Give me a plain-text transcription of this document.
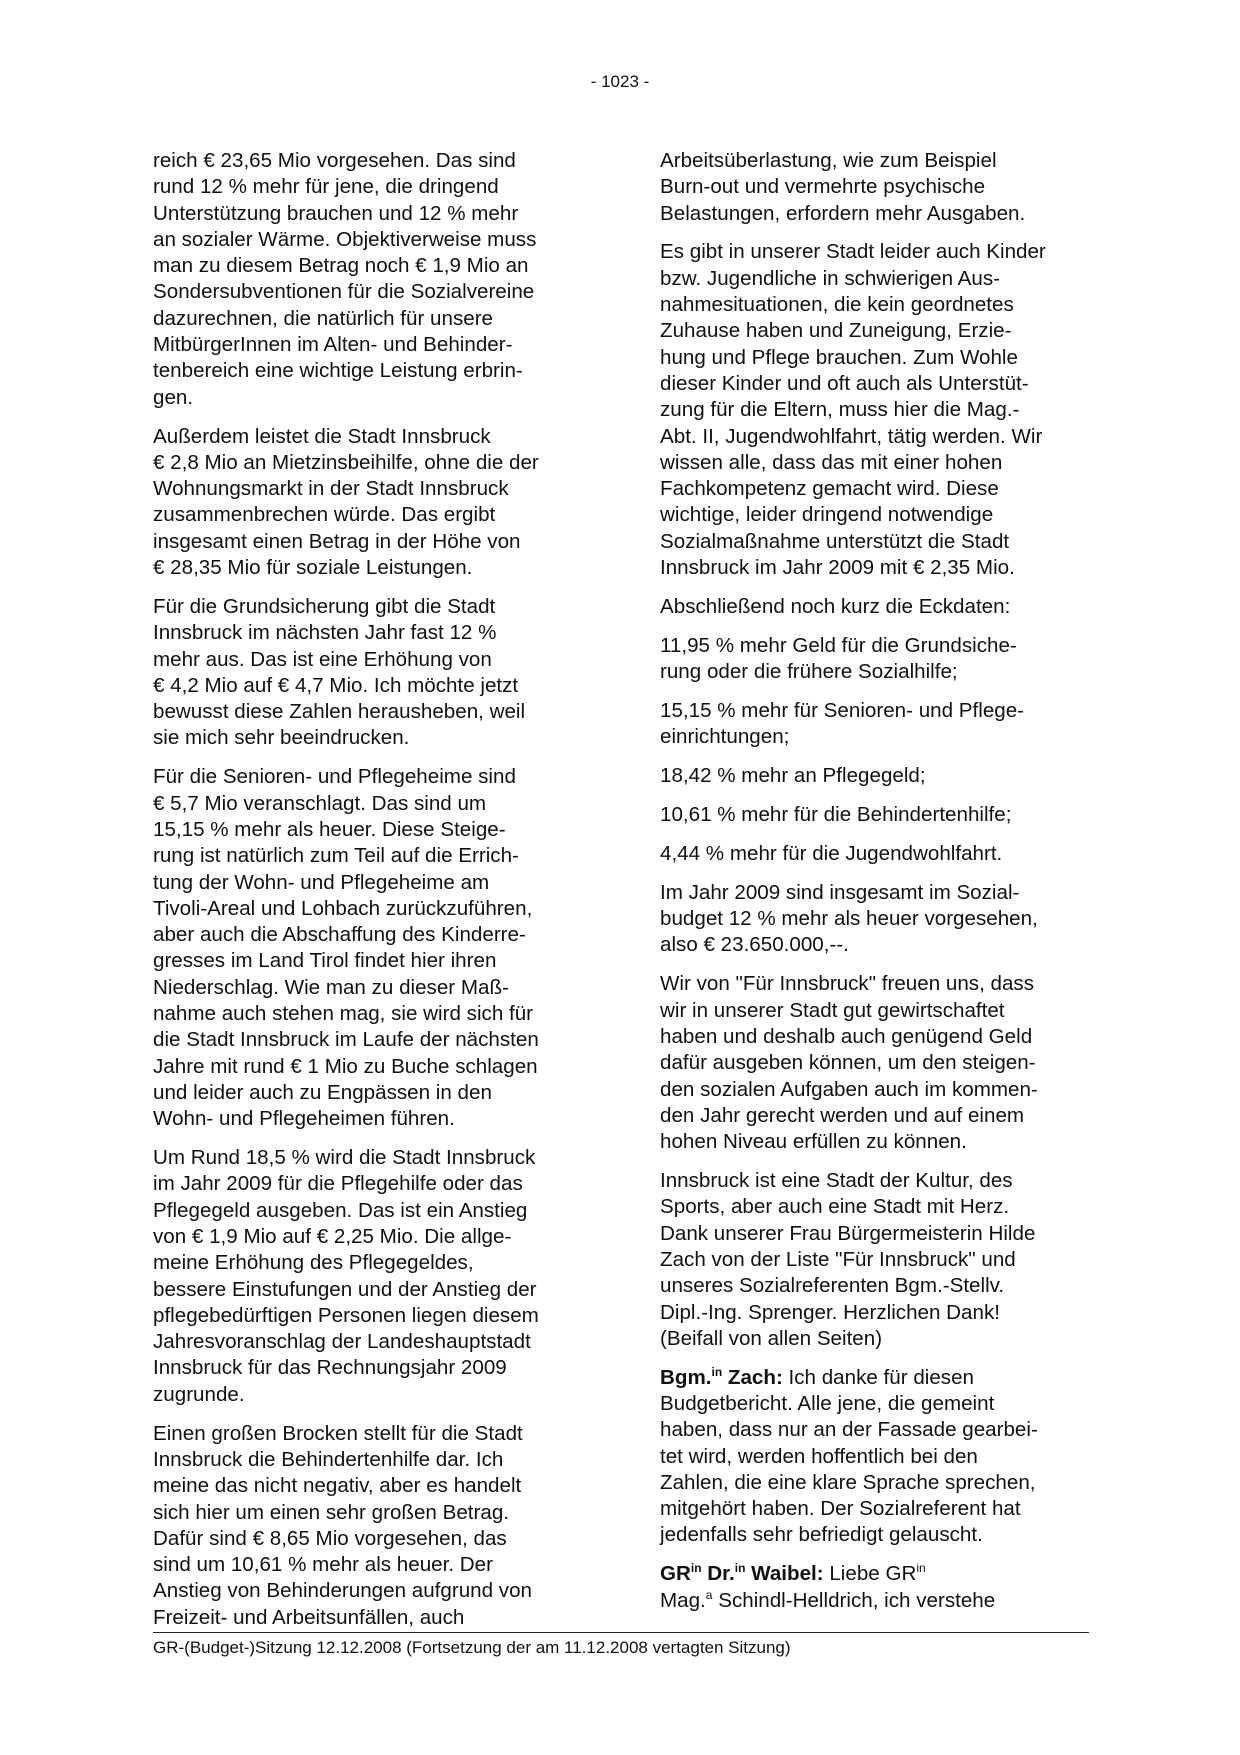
- 1023 -

reich € 23,65 Mio vorgesehen. Das sind
rund 12 % mehr für jene, die dringend
Unterstützung brauchen und 12 % mehr
an sozialer Wärme. Objektiverweise muss
man zu diesem Betrag noch € 1,9 Mio an
Sondersubventionen für die Sozialvereine
dazurechnen, die natürlich für unsere
MitbürgerInnen im Alten- und Behinder-
tenbereich eine wichtige Leistung erbrin-
gen.

Außerdem leistet die Stadt Innsbruck
€ 2,8 Mio an Mietzinsbeihilfe, ohne die der
Wohnungsmarkt in der Stadt Innsbruck
zusammenbrechen würde. Das ergibt
insgesamt einen Betrag in der Höhe von
€ 28,35 Mio für soziale Leistungen.

Für die Grundsicherung gibt die Stadt
Innsbruck im nächsten Jahr fast 12 %
mehr aus. Das ist eine Erhöhung von
€ 4,2 Mio auf € 4,7 Mio. Ich möchte jetzt
bewusst diese Zahlen herausheben, weil
sie mich sehr beeindrucken.

Für die Senioren- und Pflegeheime sind
€ 5,7 Mio veranschlagt. Das sind um
15,15 % mehr als heuer. Diese Steige-
rung ist natürlich zum Teil auf die Errich-
tung der Wohn- und Pflegeheime am
Tivoli-Areal und Lohbach zurückzuführen,
aber auch die Abschaffung des Kinderre-
gresses im Land Tirol findet hier ihren
Niederschlag. Wie man zu dieser Maß-
nahme auch stehen mag, sie wird sich für
die Stadt Innsbruck im Laufe der nächsten
Jahre mit rund € 1 Mio zu Buche schlagen
und leider auch zu Engpässen in den
Wohn- und Pflegeheimen führen.

Um Rund 18,5 % wird die Stadt Innsbruck
im Jahr 2009 für die Pflegehilfe oder das
Pflegegeld ausgeben. Das ist ein Anstieg
von € 1,9 Mio auf € 2,25 Mio. Die allge-
meine Erhöhung des Pflegegeldes,
bessere Einstufungen und der Anstieg der
pflegebedürftigen Personen liegen diesem
Jahresvoranschlag der Landeshauptstadt
Innsbruck für das Rechnungsjahr 2009
zugrunde.

Einen großen Brocken stellt für die Stadt
Innsbruck die Behindertenhilfe dar. Ich
meine das nicht negativ, aber es handelt
sich hier um einen sehr großen Betrag.
Dafür sind € 8,65 Mio vorgesehen, das
sind um 10,61 % mehr als heuer. Der
Anstieg von Behinderungen aufgrund von
Freizeit- und Arbeitsunfällen, auch

Arbeitsüberlastung, wie zum Beispiel
Burn-out und vermehrte psychische
Belastungen, erfordern mehr Ausgaben.

Es gibt in unserer Stadt leider auch Kinder
bzw. Jugendliche in schwierigen Aus-
nahmesituationen, die kein geordnetes
Zuhause haben und Zuneigung, Erzie-
hung und Pflege brauchen. Zum Wohle
dieser Kinder und oft auch als Unterstüt-
zung für die Eltern, muss hier die Mag.-
Abt. II, Jugendwohlfahrt, tätig werden. Wir
wissen alle, dass das mit einer hohen
Fachkompetenz gemacht wird. Diese
wichtige, leider dringend notwendige
Sozialmaßnahme unterstützt die Stadt
Innsbruck im Jahr 2009 mit € 2,35 Mio.

Abschließend noch kurz die Eckdaten:

11,95 % mehr Geld für die Grundsiche-
rung oder die frühere Sozialhilfe;

15,15 % mehr für Senioren- und Pflege-
einrichtungen;

18,42 % mehr an Pflegegeld;

10,61 % mehr für die Behindertenhilfe;

4,44 % mehr für die Jugendwohlfahrt.

Im Jahr 2009 sind insgesamt im Sozial-
budget 12 % mehr als heuer vorgesehen,
also € 23.650.000,--.

Wir von "Für Innsbruck" freuen uns, dass
wir in unserer Stadt gut gewirtschaftet
haben und deshalb auch genügend Geld
dafür ausgeben können, um den steigen-
den sozialen Aufgaben auch im kommen-
den Jahr gerecht werden und auf einem
hohen Niveau erfüllen zu können.

Innsbruck ist eine Stadt der Kultur, des
Sports, aber auch eine Stadt mit Herz.
Dank unserer Frau Bürgermeisterin Hilde
Zach von der Liste "Für Innsbruck" und
unseres Sozialreferenten Bgm.-Stellv.
Dipl.-Ing. Sprenger. Herzlichen Dank!
(Beifall von allen Seiten)

Bgm.$^{in}$ Zach: Ich danke für diesen
Budgetbericht. Alle jene, die gemeint
haben, dass nur an der Fassade gearbei-
tet wird, werden hoffentlich bei den
Zahlen, die eine klare Sprache sprechen,
mitgehört haben. Der Sozialreferent hat
jedenfalls sehr befriedigt gelauscht.

$GR^{in}$ Dr.$^{in}$ Waibel: Liebe $GR^{in}$
Mag.$^a$ Schindl-Helldrich, ich verstehe

GR-(Budget-)Sitzung 12.12.2008 (Fortsetzung der am 11.12.2008 vertagten Sitzung)
